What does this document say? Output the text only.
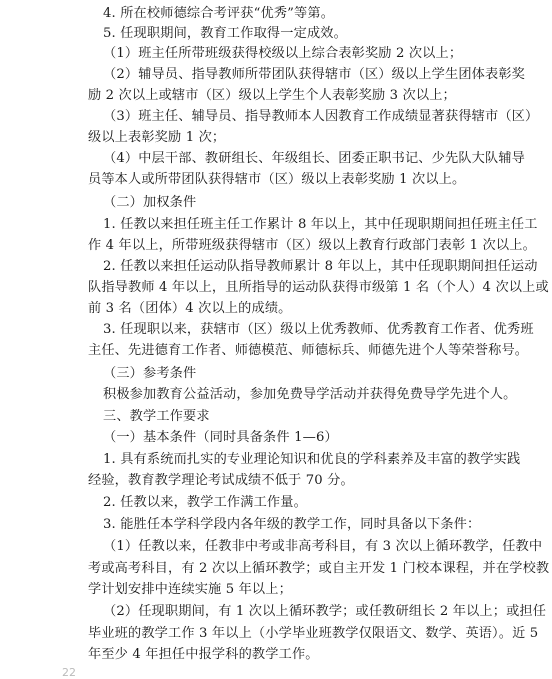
4. 所在校师德综合考评获“优秀”等第。
5. 任现职期间，教育工作取得一定成效。
（1）班主任所带班级获得校级以上综合表彰奖励 2 次以上；
（2）辅导员、指导教师所带团队获得辖市（区）级以上学生团体表彰奖
励 2 次以上或辖市（区）级以上学生个人表彰奖励 3 次以上；
（3）班主任、辅导员、指导教师本人因教育工作成绩显著获得辖市（区）
级以上表彰奖励 1 次；
（4）中层干部、教研组长、年级组长、团委正职书记、少先队大队辅导
员等本人或所带团队获得辖市（区）级以上表彰奖励 1 次以上。
（二）加权条件
1. 任教以来担任班主任工作累计 8 年以上，其中任现职期间担任班主任工
作 4 年以上，所带班级获得辖市（区）级以上教育行政部门表彰 1 次以上。
2. 任教以来担任运动队指导教师累计 8 年以上，其中任现职期间担任运动
队指导教师 4 年以上，且所指导的运动队获得市级第 1 名（个人）4 次以上或
前 3 名（团体）4 次以上的成绩。
3. 任现职以来，获辖市（区）级以上优秀教师、优秀教育工作者、优秀班
主任、先进德育工作者、师德模范、师德标兵、师德先进个人等荣誉称号。
（三）参考条件
积极参加教育公益活动，参加免费导学活动并获得免费导学先进个人。
三、教学工作要求
（一）基本条件（同时具备条件 1—6）
1. 具有系统而扎实的专业理论知识和优良的学科素养及丰富的教学实践
经验，教育教学理论考试成绩不低于 70 分。
2. 任教以来，教学工作满工作量。
3. 能胜任本学科学段内各年级的教学工作，同时具备以下条件：
（1）任教以来，任教非中考或非高考科目，有 3 次以上循环教学，任教中
考或高考科目，有 2 次以上循环教学；或自主开发 1 门校本课程，并在学校教
学计划安排中连续实施 5 年以上；
（2）任现职期间，有 1 次以上循环教学；或任教研组长 2 年以上；或担任
毕业班的教学工作 3 年以上（小学毕业班教学仅限语文、数学、英语）。近 5
年至少 4 年担任中报学科的教学工作。
22
